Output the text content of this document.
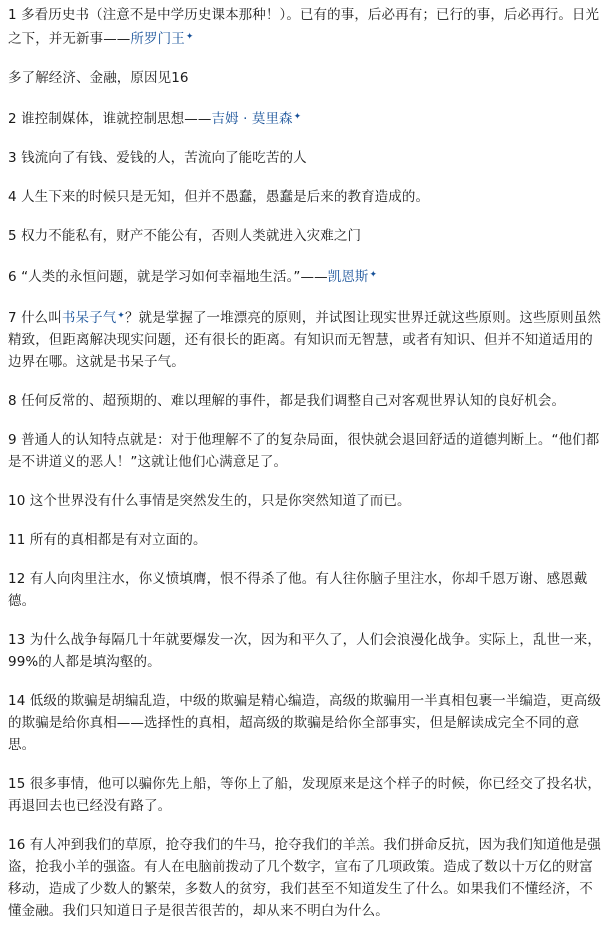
1 多看历史书（注意不是中学历史课本那种！）。已有的事，后必再有；已行的事，后必再行。日光之下，并无新事——所罗门王✦

多了解经济、金融，原因见16

2 谁控制媒体，谁就控制思想——吉姆 · 莫里森✦

3 钱流向了有钱、爱钱的人，苦流向了能吃苦的人

4 人生下来的时候只是无知，但并不愚蠢，愚蠢是后来的教育造成的。

5 权力不能私有，财产不能公有，否则人类就进入灾难之门

6 “人类的永恒问题，就是学习如何幸福地生活。”——凯恩斯✦

7 什么叫书呆子气✦？就是掌握了一堆漂亮的原则，并试图让现实世界迁就这些原则。这些原则虽然精致，但距离解决现实问题，还有很长的距离。有知识而无智慧，或者有知识、但并不知道适用的边界在哪。这就是书呆子气。

8 任何反常的、超预期的、难以理解的事件，都是我们调整自己对客观世界认知的良好机会。

9 普通人的认知特点就是：对于他理解不了的复杂局面，很快就会退回舒适的道德判断上。“他们都是不讲道义的恶人！”这就让他们心满意足了。

10 这个世界没有什么事情是突然发生的，只是你突然知道了而已。

11 所有的真相都是有对立面的。

12 有人向肉里注水，你义愤填膺，恨不得杀了他。有人往你脑子里注水，你却千恩万谢、感恩戴德。

13 为什么战争每隔几十年就要爆发一次，因为和平久了，人们会浪漫化战争。实际上，乱世一来，99%的人都是填沟壑的。

14 低级的欺骗是胡编乱造，中级的欺骗是精心编造，高级的欺骗用一半真相包裹一半编造，更高级的欺骗是给你真相——选择性的真相，超高级的欺骗是给你全部事实，但是解读成完全不同的意思。

15 很多事情，他可以骗你先上船，等你上了船，发现原来是这个样子的时候，你已经交了投名状，再退回去也已经没有路了。

16 有人冲到我们的草原，抢夺我们的牛马，抢夺我们的羊羔。我们拼命反抗，因为我们知道他是强盗，抢我小羊的强盗。有人在电脑前拨动了几个数字，宣布了几项政策。造成了数以十万亿的财富移动，造成了少数人的繁荣，多数人的贫穷，我们甚至不知道发生了什么。如果我们不懂经济，不懂金融。我们只知道日子是很苦很苦的，却从来不明白为什么。
